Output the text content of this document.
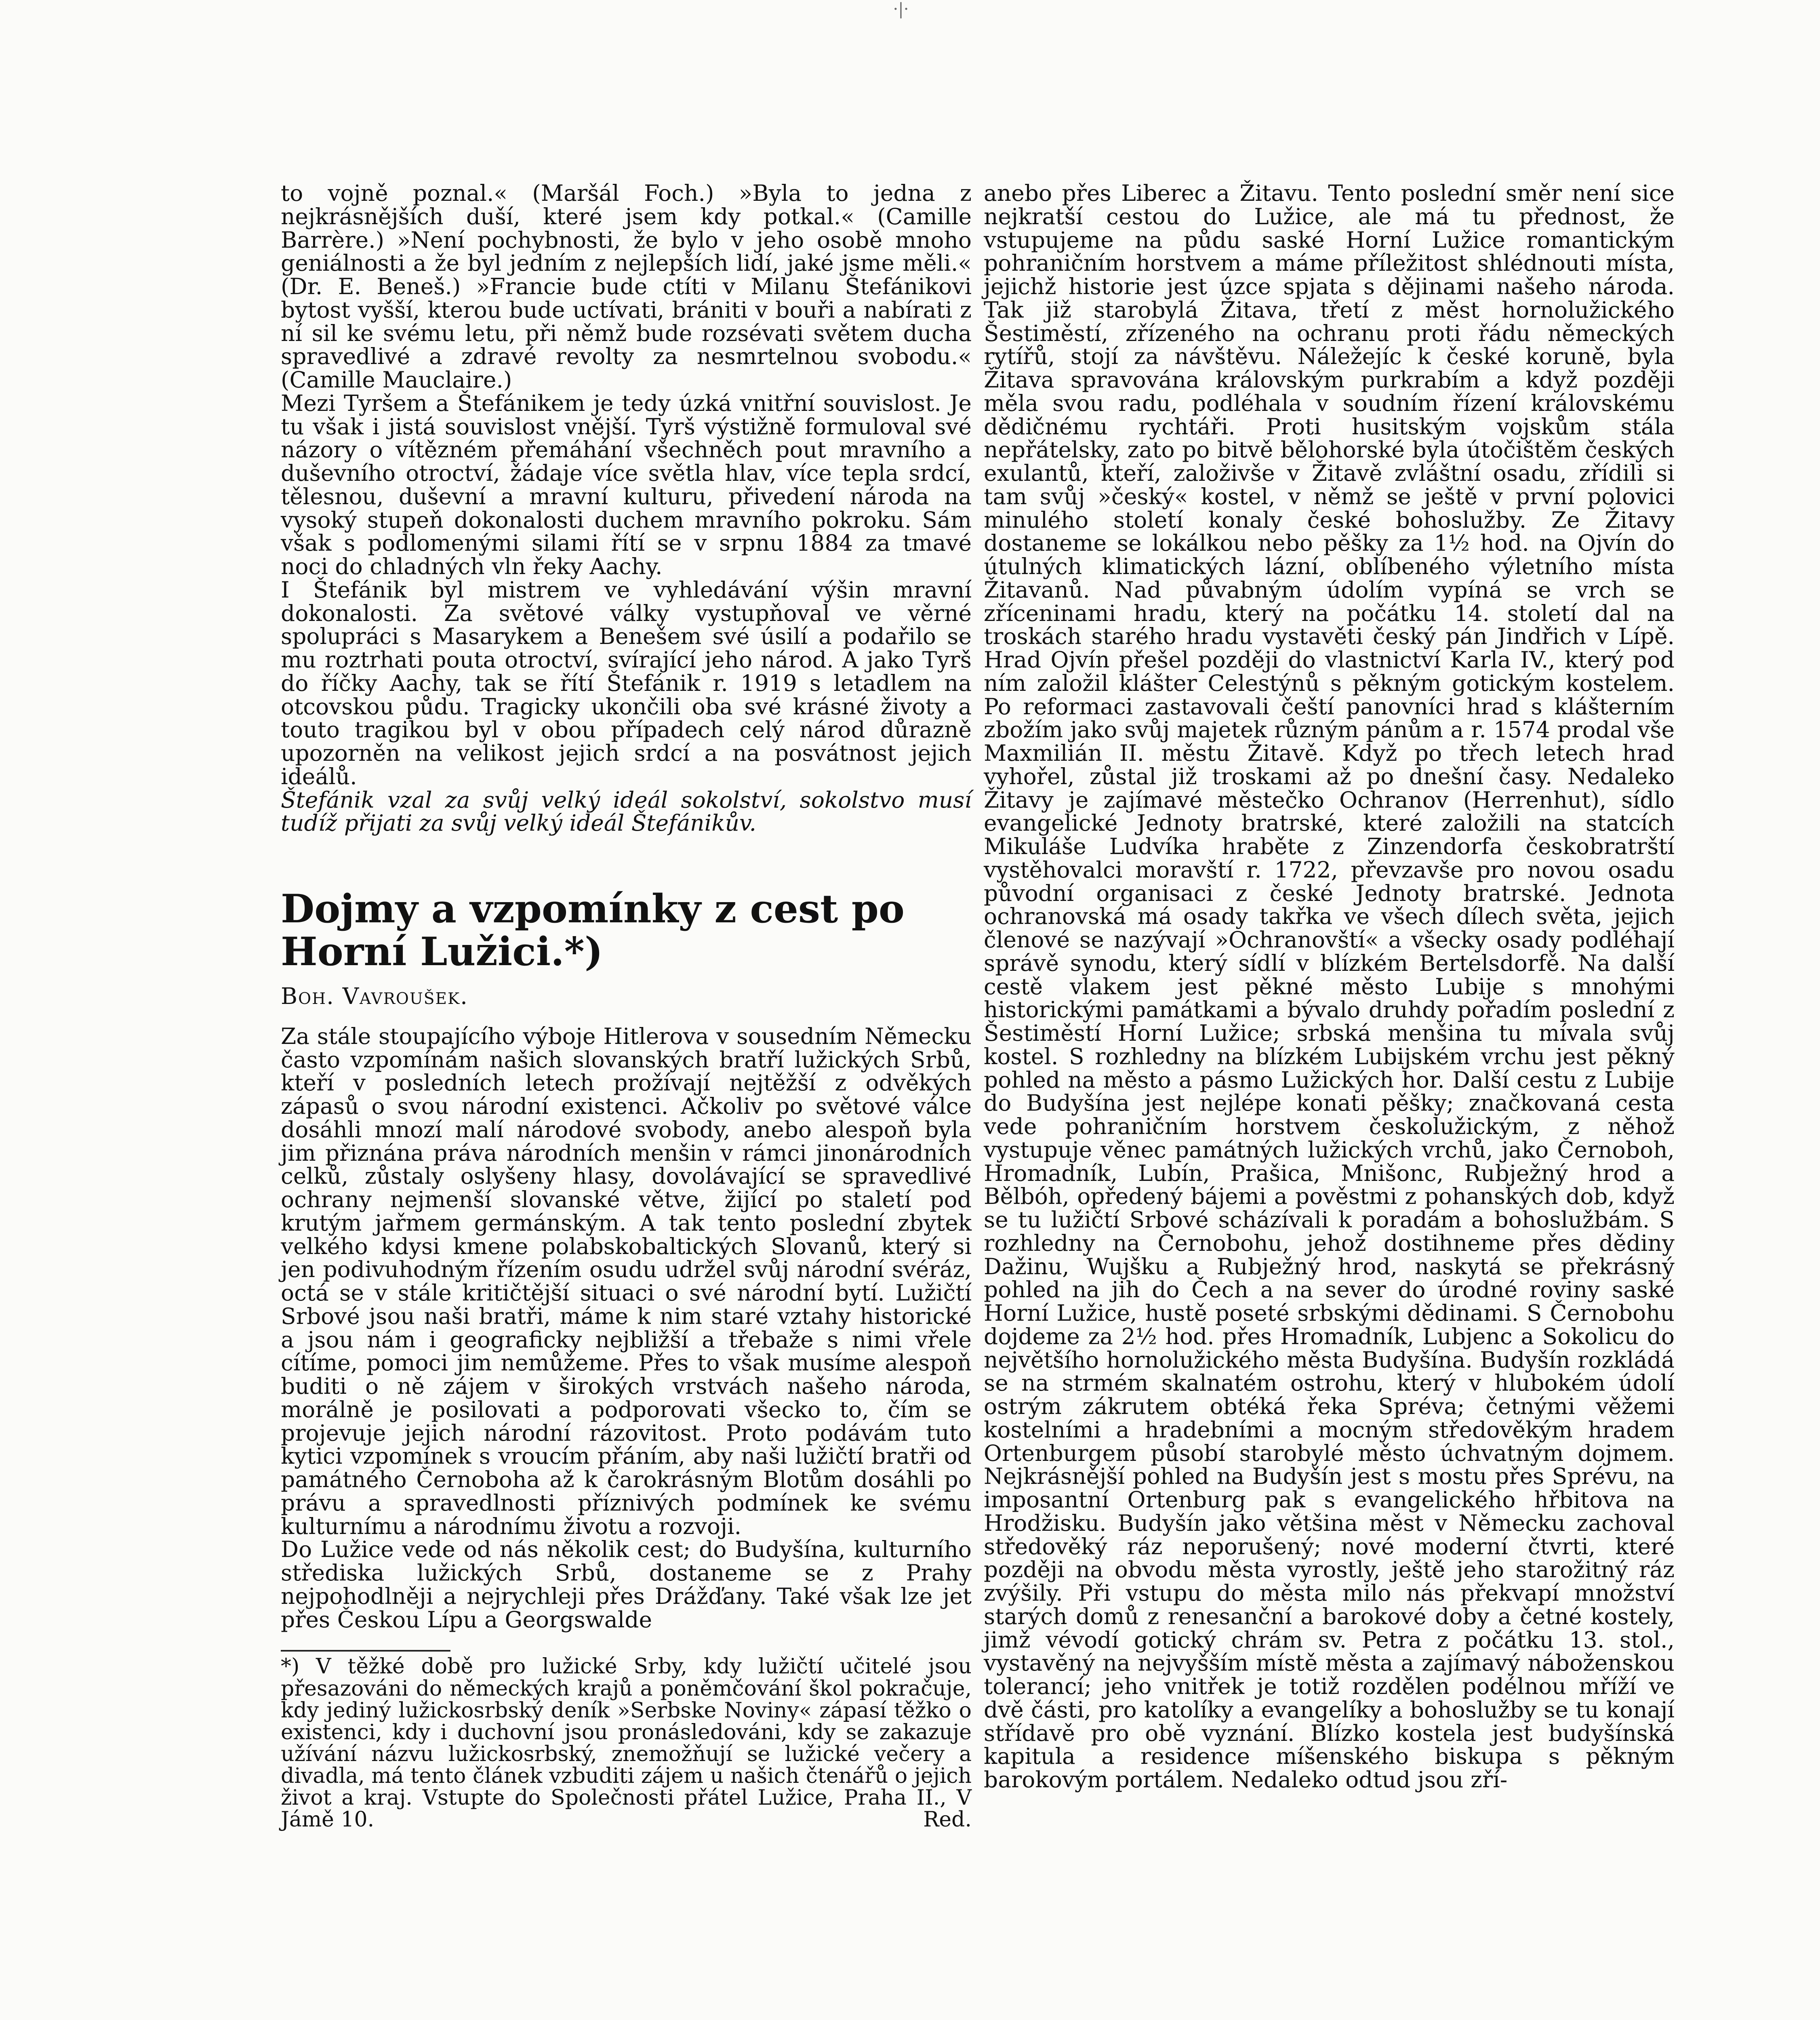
·|·

to vojně poznal.« (Maršál Foch.) »Byla to jedna z nejkrásnějších duší, které jsem kdy potkal.« (Camille Barrère.) »Není pochybnosti, že bylo v jeho osobě mnoho geniálnosti a že byl jedním z nejlepších lidí, jaké jsme měli.« (Dr. E. Beneš.) »Francie bude ctíti v Milanu Štefánikovi bytost vyšší, kterou bude uctívati, brániti v bouři a nabírati z ní sil ke svému letu, při němž bude rozsévati světem ducha spravedlivé a zdravé revolty za nesmrtelnou svobodu.« (Camille Mauclaire.)

Mezi Tyršem a Štefánikem je tedy úzká vnitřní souvislost. Je tu však i jistá souvislost vnější. Tyrš výstižně formuloval své názory o vítězném přemáhání všechněch pout mravního a duševního otroctví, žádaje více světla hlav, více tepla srdcí, tělesnou, duševní a mravní kulturu, přivedení národa na vysoký stupeň dokonalosti duchem mravního pokroku. Sám však s podlomenými silami řítí se v srpnu 1884 za tmavé noci do chladných vln řeky Aachy.

I Štefánik byl mistrem ve vyhledávání výšin mravní dokonalosti. Za světové války vystupňoval ve věrné spolupráci s Masarykem a Benešem své úsilí a podařilo se mu roztrhati pouta otroctví, svírající jeho národ. A jako Tyrš do říčky Aachy, tak se řítí Štefánik r. 1919 s letadlem na otcovskou půdu. Tragicky ukončili oba své krásné životy a touto tragikou byl v obou případech celý národ důrazně upozorněn na velikost jejich srdcí a na posvátnost jejich ideálů.

Štefánik vzal za svůj velký ideál sokolství, sokolstvo musí tudíž přijati za svůj velký ideál Štefánikův.

Dojmy a vzpomínky z cest po Horní Lužici.*)
Boh. Vavroušek.

Za stále stoupajícího výboje Hitlerova v sousedním Německu často vzpomínám našich slovanských bratří lužických Srbů, kteří v posledních letech prožívají nejtěžší z odvěkých zápasů o svou národní existenci. Ačkoliv po světové válce dosáhli mnozí malí národové svobody, anebo alespoň byla jim přiznána práva národních menšin v rámci jinonárodních celků, zůstaly oslyšeny hlasy, dovolávající se spravedlivé ochrany nejmenší slovanské větve, žijící po staletí pod krutým jařmem germánským. A tak tento poslední zbytek velkého kdysi kmene polabskobaltických Slovanů, který si jen podivuhodným řízením osudu udržel svůj národní svéráz, octá se v stále kritičtější situaci o své národní bytí. Lužičtí Srbové jsou naši bratři, máme k nim staré vztahy historické a jsou nám i geograficky nejbližší a třebaže s nimi vřele cítíme, pomoci jim nemůžeme. Přes to však musíme alespoň buditi o ně zájem v širokých vrstvách našeho národa, morálně je posilovati a podporovati všecko to, čím se projevuje jejich národní rázovitost. Proto podávám tuto kytici vzpomínek s vroucím přáním, aby naši lužičtí bratři od památného Černoboha až k čarokrásným Blotům dosáhli po právu a spravedlnosti příznivých podmínek ke svému kulturnímu a národnímu životu a rozvoji.

Do Lužice vede od nás několik cest; do Budyšína, kulturního střediska lužických Srbů, dostaneme se z Prahy nejpohodlněji a nejrychleji přes Drážďany. Také však lze jet přes Českou Lípu a Georgswalde

*) V těžké době pro lužické Srby, kdy lužičtí učitelé jsou přesazováni do německých krajů a poněmčování škol pokračuje, kdy jediný lužickosrbský deník »Serbske Noviny« zápasí těžko o existenci, kdy i duchovní jsou pronásledováni, kdy se zakazuje užívání názvu lužickosrbský, znemožňují se lužické večery a divadla, má tento článek vzbuditi zájem u našich čtenářů o jejich život a kraj. Vstupte do Společnosti přátel Lužice, Praha II., V Jámě 10.	Red.

anebo přes Liberec a Žitavu. Tento poslední směr není sice nejkratší cestou do Lužice, ale má tu přednost, že vstupujeme na půdu saské Horní Lužice romantickým pohraničním horstvem a máme příležitost shlédnouti místa, jejichž historie jest úzce spjata s dějinami našeho národa. Tak již starobylá Žitava, třetí z měst hornolužického Šestiměstí, zřízeného na ochranu proti řádu německých rytířů, stojí za návštěvu. Náležejíc k české koruně, byla Žitava spravována královským purkrabím a když později měla svou radu, podléhala v soudním řízení královskému dědičnému rychtáři. Proti husitským vojskům stála nepřátelsky, zato po bitvě bělohorské byla útočištěm českých exulantů, kteří, založivše v Žitavě zvláštní osadu, zřídili si tam svůj »český« kostel, v němž se ještě v první polovici minulého století konaly české bohoslužby. Ze Žitavy dostaneme se lokálkou nebo pěšky za 1½ hod. na Ojvín do útulných klimatických lázní, oblíbeného výletního místa Žitavanů. Nad půvabným údolím vypíná se vrch se zříceninami hradu, který na počátku 14. století dal na troskách starého hradu vystavěti český pán Jindřich v Lípě. Hrad Ojvín přešel později do vlastnictví Karla IV., který pod ním založil klášter Celestýnů s pěkným gotickým kostelem. Po reformaci zastavovali čeští panovníci hrad s klášterním zbožím jako svůj majetek různým pánům a r. 1574 prodal vše Maxmilián II. městu Žitavě. Když po třech letech hrad vyhořel, zůstal již troskami až po dnešní časy. Nedaleko Žitavy je zajímavé městečko Ochranov (Herrenhut), sídlo evangelické Jednoty bratrské, které založili na statcích Mikuláše Ludvíka hraběte z Zinzendorfa českobratrští vystěhovalci moravští r. 1722, převzavše pro novou osadu původní organisaci z české Jednoty bratrské. Jednota ochranovská má osady takřka ve všech dílech světa, jejich členové se nazývají »Ochranovští« a všecky osady podléhají správě synodu, který sídlí v blízkém Bertelsdorfě. Na další cestě vlakem jest pěkné město Lubije s mnohými historickými památkami a bývalo druhdy pořadím poslední z Šestiměstí Horní Lužice; srbská menšina tu mívala svůj kostel. S rozhledny na blízkém Lubijském vrchu jest pěkný pohled na město a pásmo Lužických hor. Další cestu z Lubije do Budyšína jest nejlépe konati pěšky; značkovaná cesta vede pohraničním horstvem českolužickým, z něhož vystupuje věnec památných lužických vrchů, jako Černoboh, Hromadník, Lubín, Prašica, Mnišonc, Rubježný hrod a Bělbóh, opředený bájemi a pověstmi z pohanských dob, když se tu lužičtí Srbové scházívali k poradám a bohoslužbám. S rozhledny na Černobohu, jehož dostihneme přes dědiny Dažinu, Wujšku a Rubježný hrod, naskytá se překrásný pohled na jih do Čech a na sever do úrodné roviny saské Horní Lužice, hustě poseté srbskými dědinami. S Černobohu dojdeme za 2½ hod. přes Hromadník, Lubjenc a Sokolicu do největšího hornolužického města Budyšína. Budyšín rozkládá se na strmém skalnatém ostrohu, který v hlubokém údolí ostrým zákrutem obtéká řeka Spréva; četnými věžemi kostelními a hradebními a mocným středověkým hradem Ortenburgem působí starobylé město úchvatným dojmem. Nejkrásnější pohled na Budyšín jest s mostu přes Sprévu, na imposantní Ortenburg pak s evangelického hřbitova na Hrodžisku. Budyšín jako většina měst v Německu zachoval středověký ráz neporušený; nové moderní čtvrti, které později na obvodu města vyrostly, ještě jeho starožitný ráz zvýšily. Při vstupu do města milo nás překvapí množství starých domů z renesanční a barokové doby a četné kostely, jimž vévodí gotický chrám sv. Petra z počátku 13. stol., vystavěný na nejvyšším místě města a zajímavý náboženskou tolerancí; jeho vnitřek je totiž rozdělen podélnou mříží ve dvě části, pro katolíky a evangelíky a bohoslužby se tu konají střídavě pro obě vyznání. Blízko kostela jest budyšínská kapitula a residence míšenského biskupa s pěkným barokovým portálem. Nedaleko odtud jsou zří-
